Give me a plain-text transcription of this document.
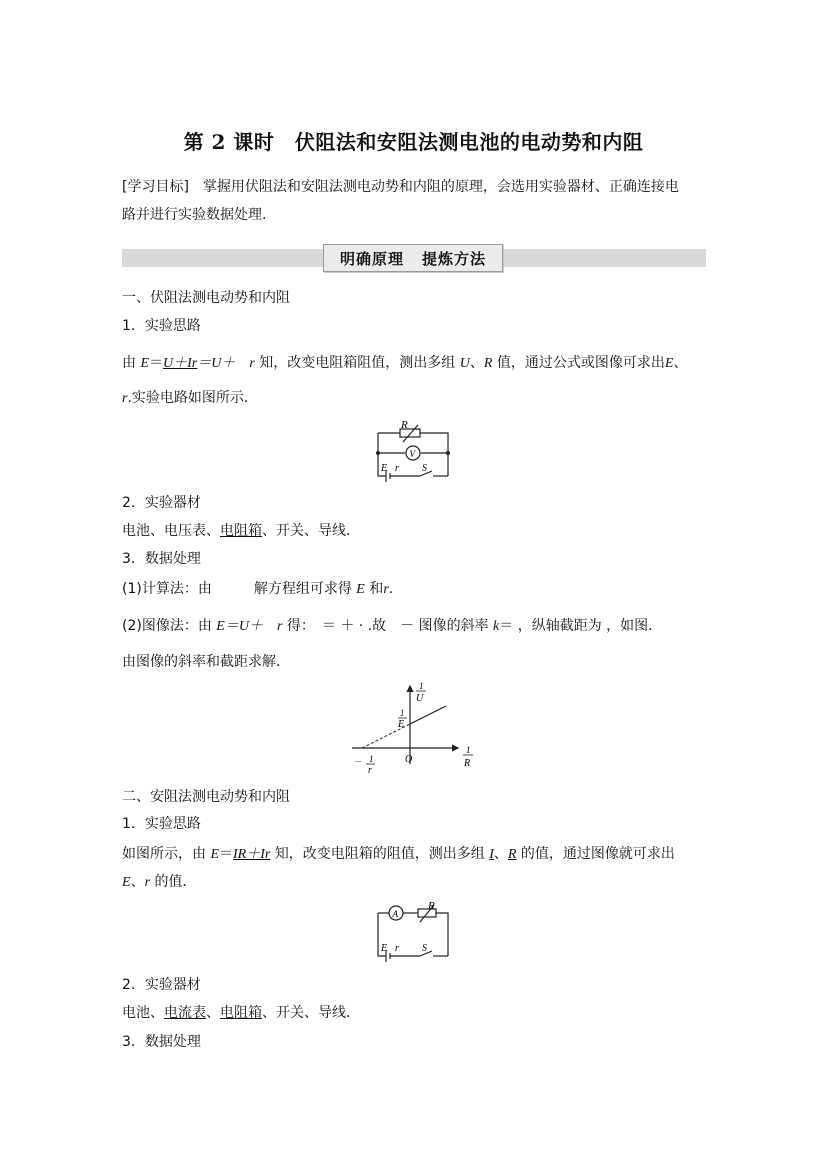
第 2 课时　伏阻法和安阻法测电池的电动势和内阻
[学习目标]　掌握用伏阻法和安阻法测电动势和内阻的原理，会选用实验器材、正确连接电
路并进行实验数据处理．
明确原理 提炼方法
一、伏阻法测电动势和内阻
1．实验思路
由 E＝U＋Ir＝U＋  r 知，改变电阻箱阻值，测出多组 U、R 值，通过公式或图像可求出E、
r.实验电路如图所示．
R
V
E r S
2．实验器材
电池、电压表、电阻箱、开关、导线．
3．数据处理
(1)计算法：由   	解方程组可求得 E 和r.
(2)图像法：由 E＝U＋  r 得：　＝ ＋ · .故　－ 图像的斜率 k＝ ，纵轴截距为 ，如图．
由图像的斜率和截距求解．
1
U
1
E
1
R
－ 1
r
O
二、安阻法测电动势和内阻
1．实验思路
如图所示，由 E＝IR＋Ir 知，改变电阻箱的阻值，测出多组 I、R 的值，通过图像就可求出
E、r 的值．
A
R
E r S
2．实验器材
电池、电流表、电阻箱、开关、导线．
3．数据处理
